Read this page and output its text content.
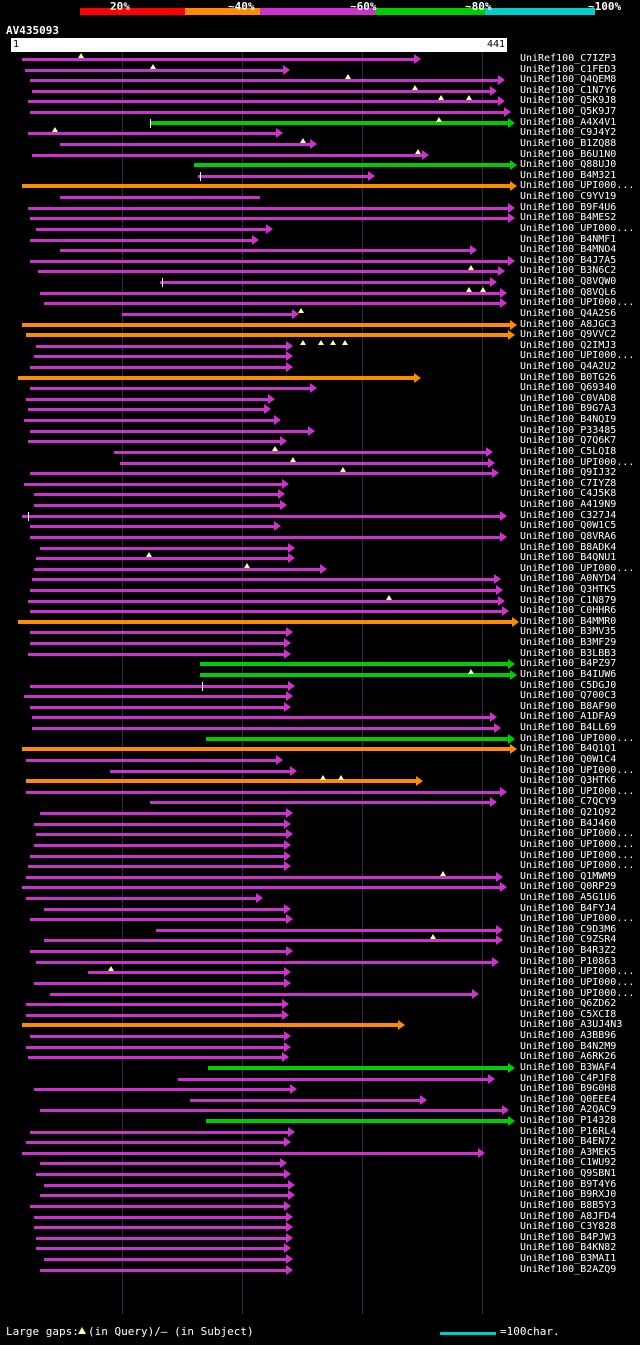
20%	~40%	~60%	~80%	~100%
AV435093
1	441
UniRef100_C7IZP3
UniRef100_C1FED3
UniRef100_Q4QEM8
UniRef100_C1N7Y6
UniRef100_Q5K9J8
UniRef100_Q5K9J7
UniRef100_A4X4V1
UniRef100_C9J4Y2
UniRef100_B1ZQ88
UniRef100_B6U1N0
UniRef100_Q88UJ0
UniRef100_B4M321
UniRef100_UPI000...
UniRef100_C9YV19
UniRef100_B9F4U6
UniRef100_B4MES2
UniRef100_UPI000...
UniRef100_B4NMF1
UniRef100_B4MNO4
UniRef100_B4J7A5
UniRef100_B3N6C2
UniRef100_Q8VQW0
UniRef100_Q8VQL6
UniRef100_UPI000...
UniRef100_Q4A2S6
UniRef100_A8JGC3
UniRef100_Q9VVC2
UniRef100_Q2IMJ3
UniRef100_UPI000...
UniRef100_Q4A2U2
UniRef100_B0TG26
UniRef100_Q69340
UniRef100_C0VAD8
UniRef100_B9G7A3
UniRef100_B4NQI9
UniRef100_P33485
UniRef100_Q7Q6K7
UniRef100_C5LQI8
UniRef100_UPI000...
UniRef100_Q9IJ32
UniRef100_C7IYZ8
UniRef100_C4J5K8
UniRef100_A419N9
UniRef100_C327J4
UniRef100_Q0W1C5
UniRef100_Q8VRA6
UniRef100_B8ADK4
UniRef100_B4QNU1
UniRef100_UPI000...
UniRef100_A0NYD4
UniRef100_Q3HTK5
UniRef100_C1N879
UniRef100_C0HHR6
UniRef100_B4MMR0
UniRef100_B3MV35
UniRef100_B3MF29
UniRef100_B3LBB3
UniRef100_B4PZ97
UniRef100_B4IUW6
UniRef100_C5DGJ0
UniRef100_Q700C3
UniRef100_B8AF90
UniRef100_A1DFA9
UniRef100_B4LL69
UniRef100_UPI000...
UniRef100_B4Q1Q1
UniRef100_Q0W1C4
UniRef100_UPI000...
UniRef100_Q3HTK6
UniRef100_UPI000...
UniRef100_C7QCY9
UniRef100_Q21Q92
UniRef100_B4J460
UniRef100_UPI000...
UniRef100_UPI000...
UniRef100_UPI000...
UniRef100_UPI000...
UniRef100_Q1MWM9
UniRef100_Q0RP29
UniRef100_A5G1U6
UniRef100_B4FYJ4
UniRef100_UPI000...
UniRef100_C9D3M6
UniRef100_C9ZSR4
UniRef100_B4R3Z2
UniRef100_P10863
UniRef100_UPI000...
UniRef100_UPI000...
UniRef100_UPI000...
UniRef100_Q6ZD62
UniRef100_C5XCI8
UniRef100_A3UJ4N3
UniRef100_A3BB96
UniRef100_B4N2M9
UniRef100_A6RK26
UniRef100_B3WAF4
UniRef100_C4PJF8
UniRef100_B9G0H8
UniRef100_Q0EEE4
UniRef100_A2QAC9
UniRef100_P14328
UniRef100_P16RL4
UniRef100_B4EN72
UniRef100_A3MEK5
UniRef100_C1WU92
UniRef100_Q9SBN1
UniRef100_B9T4Y6
UniRef100_B9RXJ0
UniRef100_B8B5Y3
UniRef100_A8JFD4
UniRef100_C3Y828
UniRef100_B4PJW3
UniRef100_B4KN82
UniRef100_B3MAI1
UniRef100_B2AZQ9
Large gaps: (in Query)/– (in Subject)	=100char.
